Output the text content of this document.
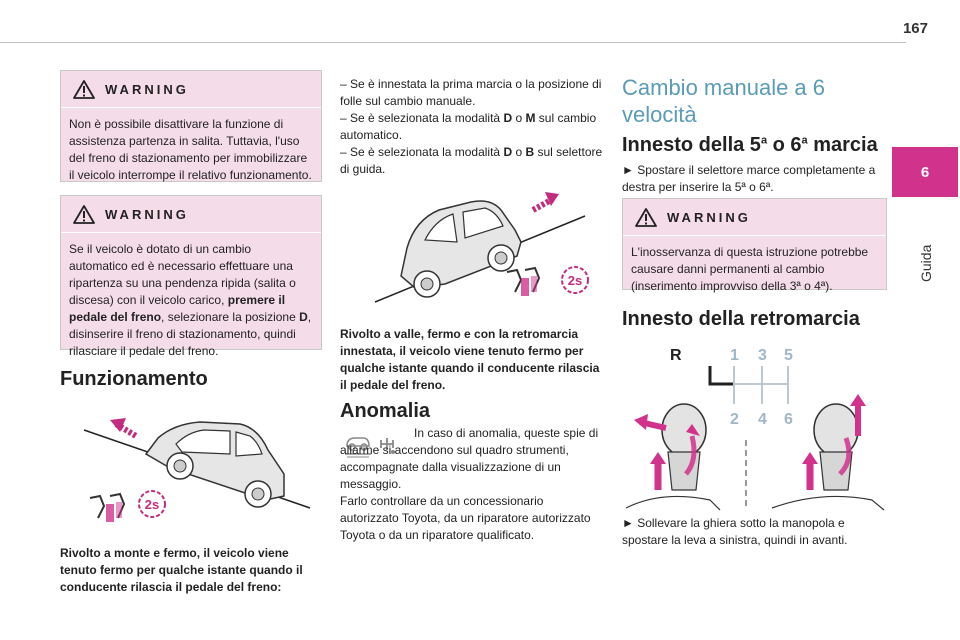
167
6
Guida
WARNING
Non è possibile disattivare la funzione di assistenza partenza in salita. Tuttavia, l'uso del freno di stazionamento per immobilizzare il veicolo interrompe il relativo funzionamento.
WARNING
Se il veicolo è dotato di un cambio automatico ed è necessario effettuare una ripartenza su una pendenza ripida (salita o discesa) con il veicolo carico, premere il pedale del freno, selezionare la posizione D, disinserire il freno di stazionamento, quindi rilasciare il pedale del freno.
Funzionamento
2s
Rivolto a monte e fermo, il veicolo viene tenuto fermo per qualche istante quando il conducente rilascia il pedale del freno:
– Se è innestata la prima marcia o la posizione di folle sul cambio manuale.
– Se è selezionata la modalità D o M sul cambio automatico.
– Se è selezionata la modalità D o B sul selettore di guida.
2s
Rivolto a valle, fermo e con la retromarcia innestata, il veicolo viene tenuto fermo per qualche istante quando il conducente rilascia il pedale del freno.
Anomalia
In caso di anomalia, queste spie di allarme si accendono sul quadro strumenti, accompagnate dalla visualizzazione di un messaggio.
Farlo controllare da un concessionario autorizzato Toyota, da un riparatore autorizzato Toyota o da un riparatore qualificato.
Cambio manuale a 6 velocità
Innesto della 5$^a$ o 6$^a$ marcia
► Spostare il selettore marce completamente a destra per inserire la 5ª o 6ª.
WARNING
L'inosservanza di questa istruzione potrebbe causare danni permanenti al cambio (inserimento improvviso della 3ª o 4ª).
Innesto della retromarcia
R	1 3 5
2 4 6
► Sollevare la ghiera sotto la manopola e spostare la leva a sinistra, quindi in avanti.
